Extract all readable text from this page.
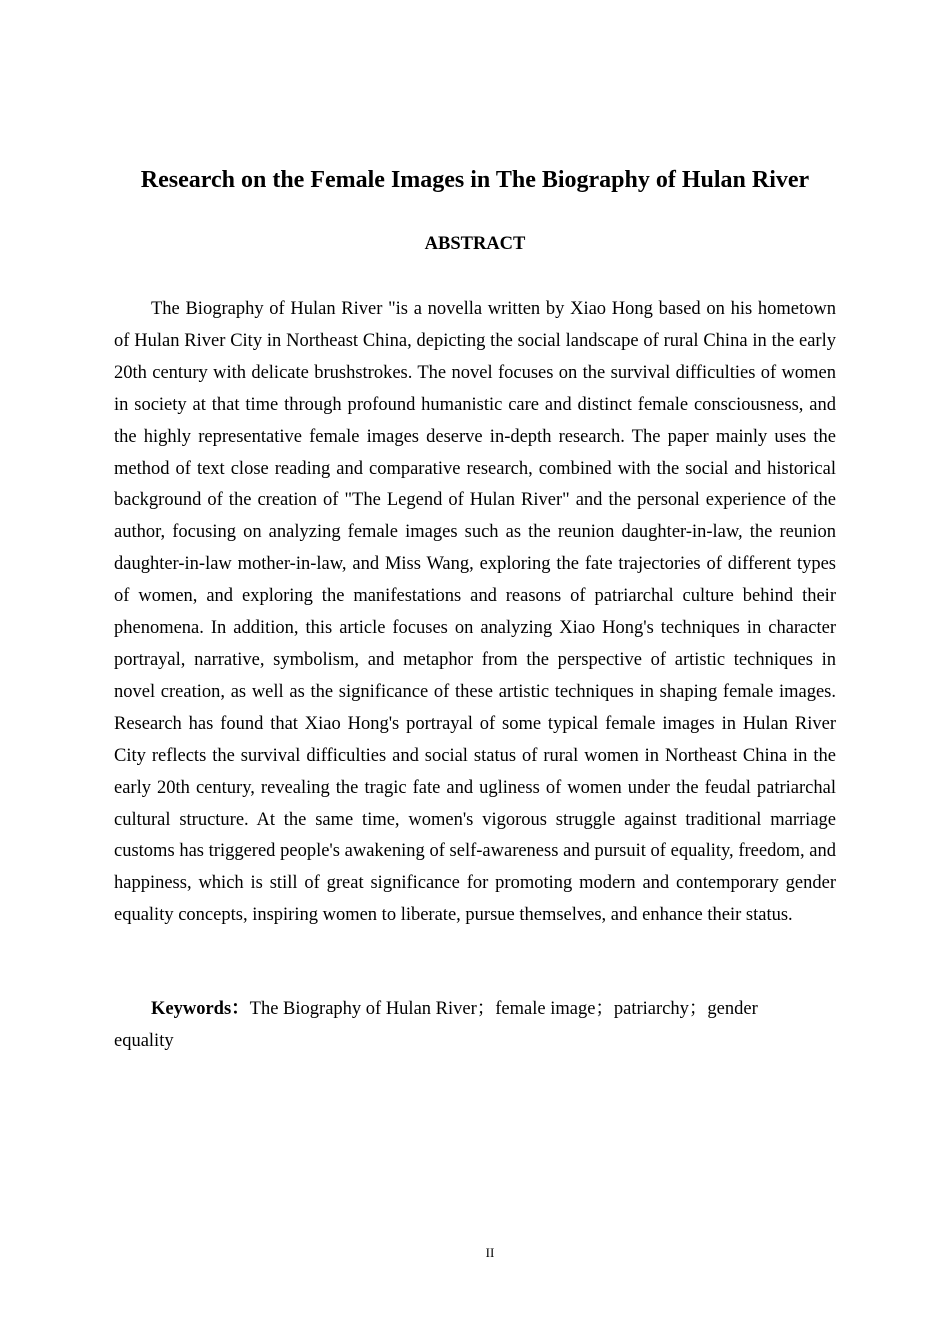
Research on the Female Images in The Biography of Hulan River
ABSTRACT

The Biography of Hulan River "is a novella written by Xiao Hong based on his hometown of Hulan River City in Northeast China, depicting the social landscape of rural China in the early 20th century with delicate brushstrokes. The novel focuses on the survival difficulties of women in society at that time through profound humanistic care and distinct female consciousness, and the highly representative female images deserve in-depth research. The paper mainly uses the method of text close reading and comparative research, combined with the social and historical background of the creation of "The Legend of Hulan River" and the personal experience of the author, focusing on analyzing female images such as the reunion daughter-in-law, the reunion daughter-in-law mother-in-law, and Miss Wang, exploring the fate trajectories of different types of women, and exploring the manifestations and reasons of patriarchal culture behind their phenomena. In addition, this article focuses on analyzing Xiao Hong's techniques in character portrayal, narrative, symbolism, and metaphor from the perspective of artistic techniques in novel creation, as well as the significance of these artistic techniques in shaping female images. Research has found that Xiao Hong's portrayal of some typical female images in Hulan River City reflects the survival difficulties and social status of rural women in Northeast China in the early 20th century, revealing the tragic fate and ugliness of women under the feudal patriarchal cultural structure. At the same time, women's vigorous struggle against traditional marriage customs has triggered people's awakening of self-awareness and pursuit of equality, freedom, and happiness, which is still of great significance for promoting modern and contemporary gender equality concepts, inspiring women to liberate, pursue themselves, and enhance their status.

Keywords：The Biography of Hulan River；female image；patriarchy；gender equality

II
